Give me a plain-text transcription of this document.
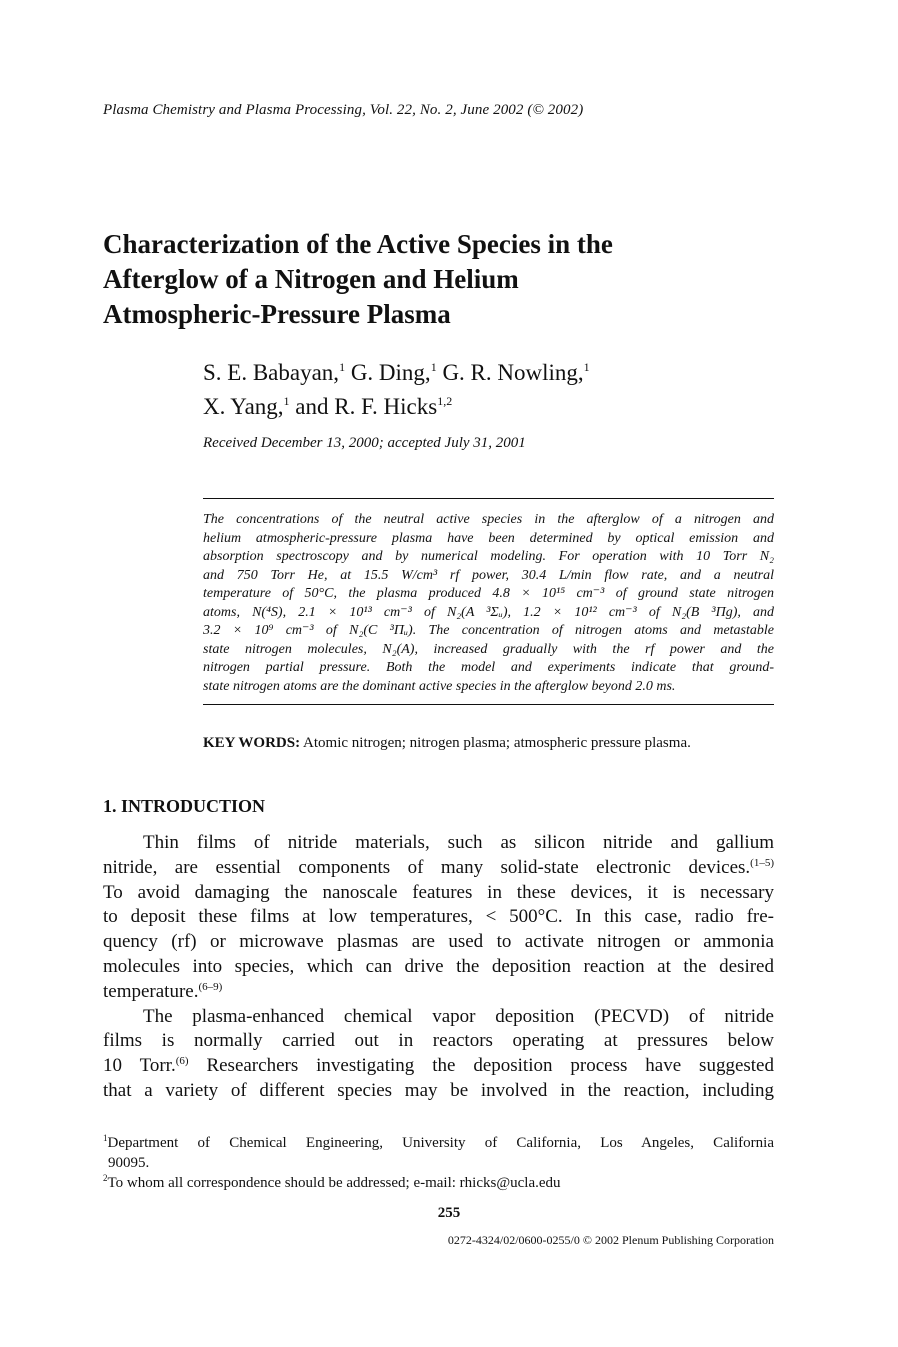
Plasma Chemistry and Plasma Processing, Vol. 22, No. 2, June 2002 (© 2002)
Characterization of the Active Species in the
Afterglow of a Nitrogen and Helium
Atmospheric-Pressure Plasma
S. E. Babayan,$^1$ G. Ding,$^1$ G. R. Nowling,$^1$
X. Yang,$^1$ and R. F. Hicks$^{1,2}$
Received December 13, 2000; accepted July 31, 2001
The concentrations of the neutral active species in the afterglow of a nitrogen and
helium atmospheric-pressure plasma have been determined by optical emission and
absorption spectroscopy and by numerical modeling. For operation with 10 Torr N₂
and 750 Torr He, at 15.5 W/cm³ rf power, 30.4 L/min flow rate, and a neutral
temperature of 50°C, the plasma produced 4.8 × 10¹⁵ cm⁻³ of ground state nitrogen
atoms, N(⁴S), 2.1 × 10¹³ cm⁻³ of N₂(A ³Σᵤ), 1.2 × 10¹² cm⁻³ of N₂(B ³Πg), and
3.2 × 10⁹ cm⁻³ of N₂(C ³Πᵤ). The concentration of nitrogen atoms and metastable
state nitrogen molecules, N₂(A), increased gradually with the rf power and the
nitrogen partial pressure. Both the model and experiments indicate that ground-
state nitrogen atoms are the dominant active species in the afterglow beyond 2.0 ms.
KEY WORDS: Atomic nitrogen; nitrogen plasma; atmospheric pressure plasma.
1. INTRODUCTION
Thin films of nitride materials, such as silicon nitride and gallium
nitride, are essential components of many solid-state electronic devices.$^{(1-5)}$
To avoid damaging the nanoscale features in these devices, it is necessary
to deposit these films at low temperatures, < 500°C. In this case, radio fre-
quency (rf) or microwave plasmas are used to activate nitrogen or ammonia
molecules into species, which can drive the deposition reaction at the desired
temperature.$^{(6-9)}$
The plasma-enhanced chemical vapor deposition (PECVD) of nitride
films is normally carried out in reactors operating at pressures below
10 Torr.$^{(6)}$ Researchers investigating the deposition process have suggested
that a variety of different species may be involved in the reaction, including
$^1$Department of Chemical Engineering, University of California, Los Angeles, California
90095.
$^2$To whom all correspondence should be addressed; e-mail: rhicks@ucla.edu
255
0272-4324/02/0600-0255/0 © 2002 Plenum Publishing Corporation
